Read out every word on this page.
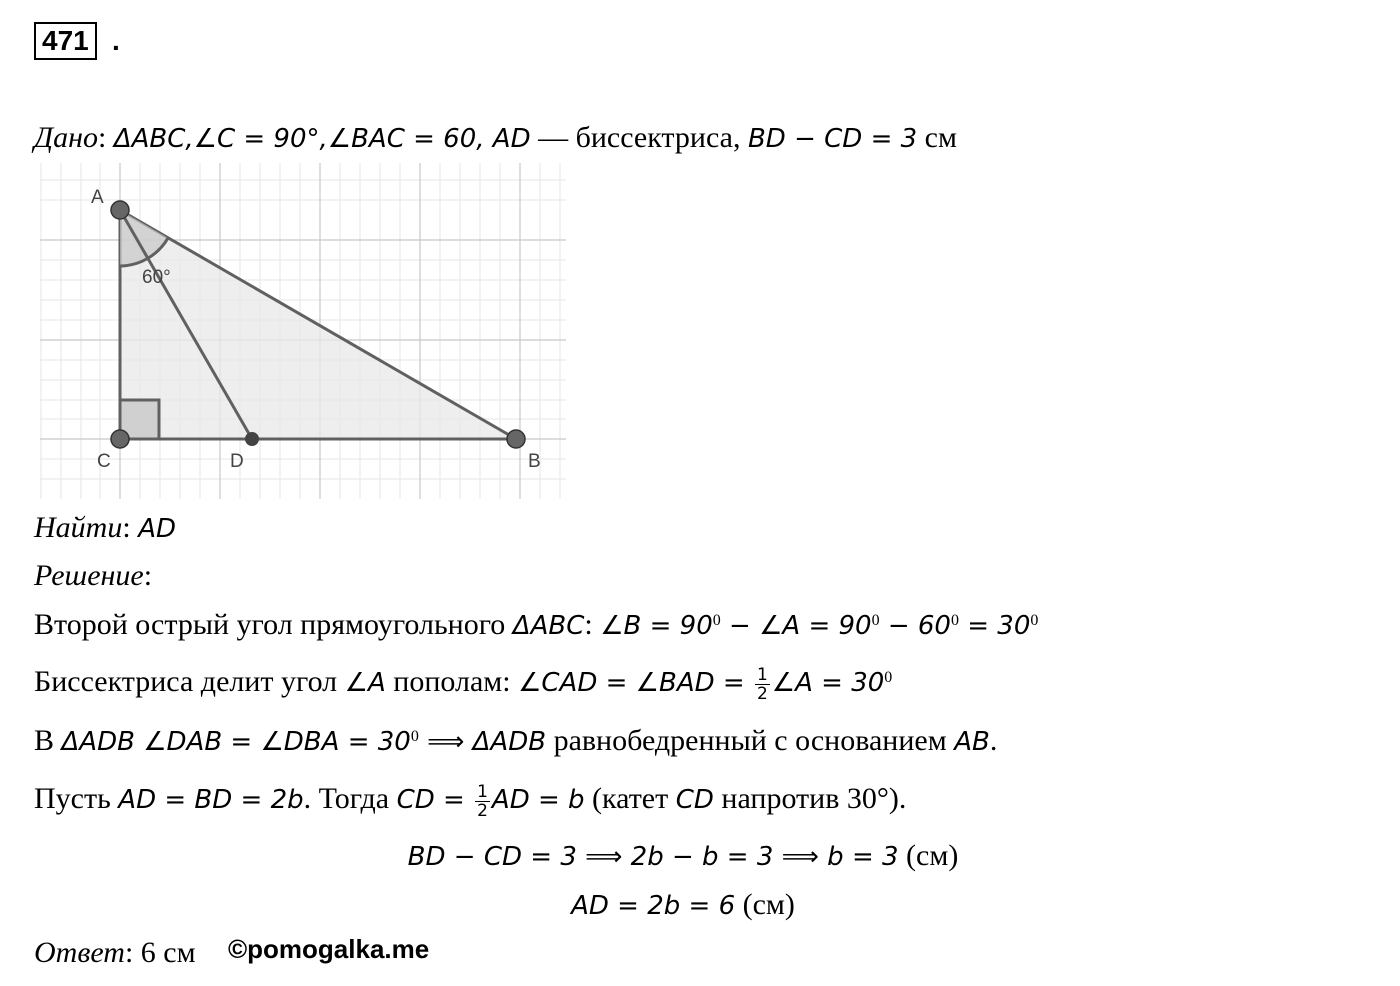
471 .
Дано: ΔABC,∠C = 90°,∠BAC = 60, AD — биссектриса, BD − CD = 3 см
A
C	D	B
60°
Найти: AD
Решение:
Второй острый угол прямоугольного ΔABC: ∠B = $90^0$ − ∠A = $90^0 - 60^0 = 30^0$
Биссектриса делит угол ∠A пополам: ∠CAD = ∠BAD = $\frac{1}{2}$ ∠A = $30^0$
В ΔADB ∠DAB = ∠DBA = $30^0$ ⟹ ΔADB равнобедренный с основанием AB.
Пусть AD = BD = 2b. Тогда CD = $\frac{1}{2}$ AD = b (катет CD напротив 30°).
BD − CD = 3 ⟹ 2b − b = 3 ⟹ b = 3 (см)
AD = 2b = 6 (см)
Ответ: 6 см ©pomogalka.me
